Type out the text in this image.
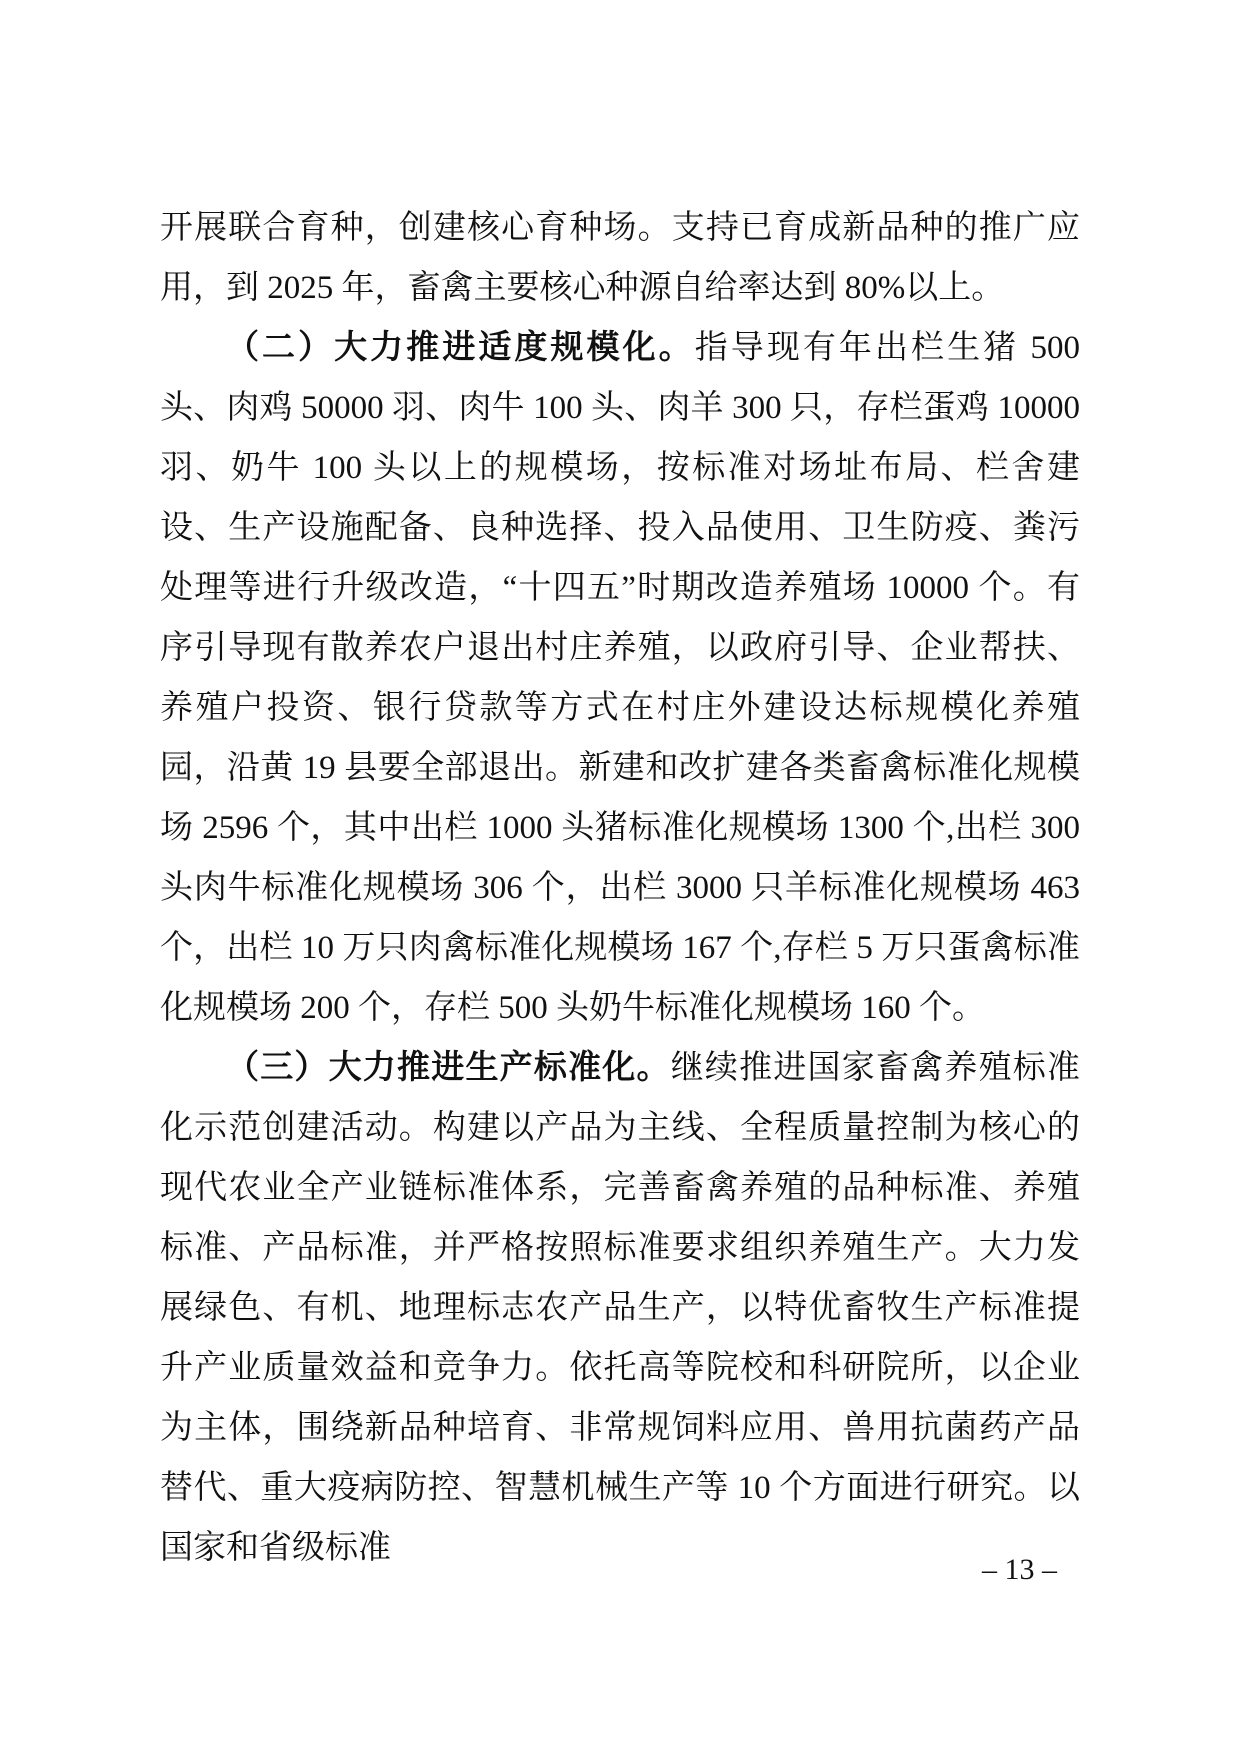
开展联合育种，创建核心育种场。支持已育成新品种的推广应用，到 2025 年，畜禽主要核心种源自给率达到 80%以上。

（二）大力推进适度规模化。指导现有年出栏生猪 500 头、肉鸡 50000 羽、肉牛 100 头、肉羊 300 只，存栏蛋鸡 10000 羽、奶牛 100 头以上的规模场，按标准对场址布局、栏舍建设、生产设施配备、良种选择、投入品使用、卫生防疫、粪污处理等进行升级改造，“十四五”时期改造养殖场 10000 个。有序引导现有散养农户退出村庄养殖，以政府引导、企业帮扶、养殖户投资、银行贷款等方式在村庄外建设达标规模化养殖园，沿黄 19 县要全部退出。新建和改扩建各类畜禽标准化规模场 2596 个，其中出栏 1000 头猪标准化规模场 1300 个,出栏 300 头肉牛标准化规模场 306 个，出栏 3000 只羊标准化规模场 463 个，出栏 10 万只肉禽标准化规模场 167 个,存栏 5 万只蛋禽标准化规模场 200 个，存栏 500 头奶牛标准化规模场 160 个。

（三）大力推进生产标准化。继续推进国家畜禽养殖标准化示范创建活动。构建以产品为主线、全程质量控制为核心的现代农业全产业链标准体系，完善畜禽养殖的品种标准、养殖标准、产品标准，并严格按照标准要求组织养殖生产。大力发展绿色、有机、地理标志农产品生产，以特优畜牧生产标准提升产业质量效益和竞争力。依托高等院校和科研院所，以企业为主体，围绕新品种培育、非常规饲料应用、兽用抗菌药产品替代、重大疫病防控、智慧机械生产等 10 个方面进行研究。以国家和省级标准

– 13 –
